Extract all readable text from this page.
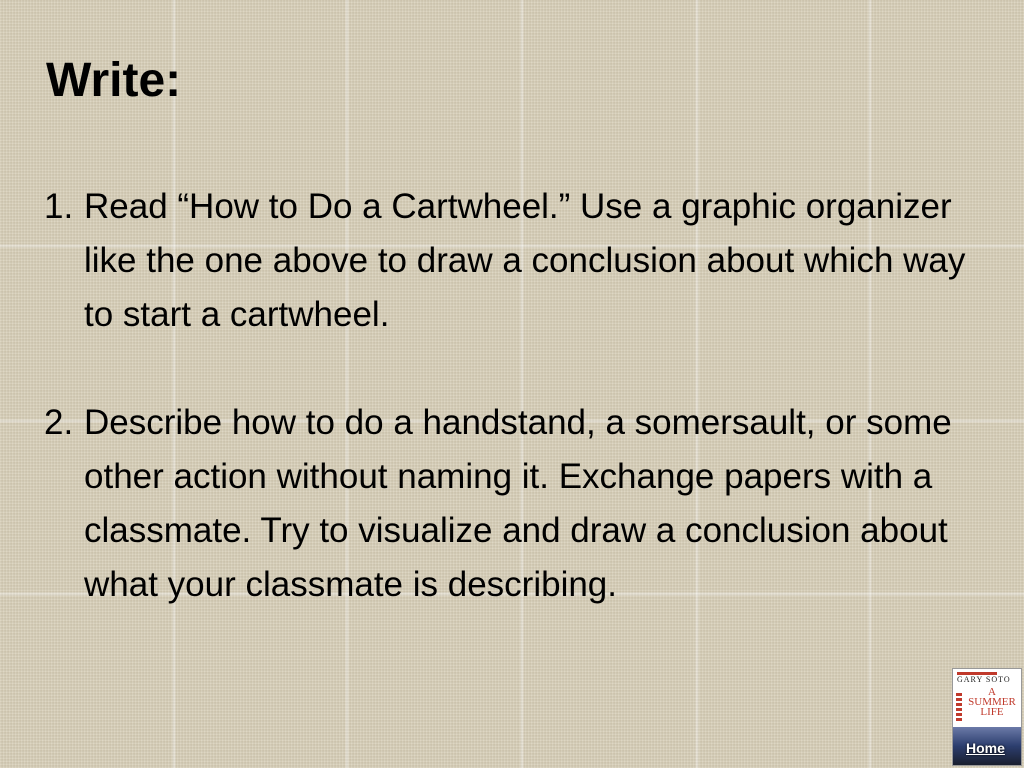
Write:
1. Read “How to Do a Cartwheel.” Use a graphic organizer like the one above to draw a conclusion about which way to start a cartwheel.
2. Describe how to do a handstand, a somersault, or some other action without naming it. Exchange papers with a classmate. Try to visualize and draw a conclusion about what your classmate is describing.
GARY SOTO
A
SUMMER
LIFE
Home
